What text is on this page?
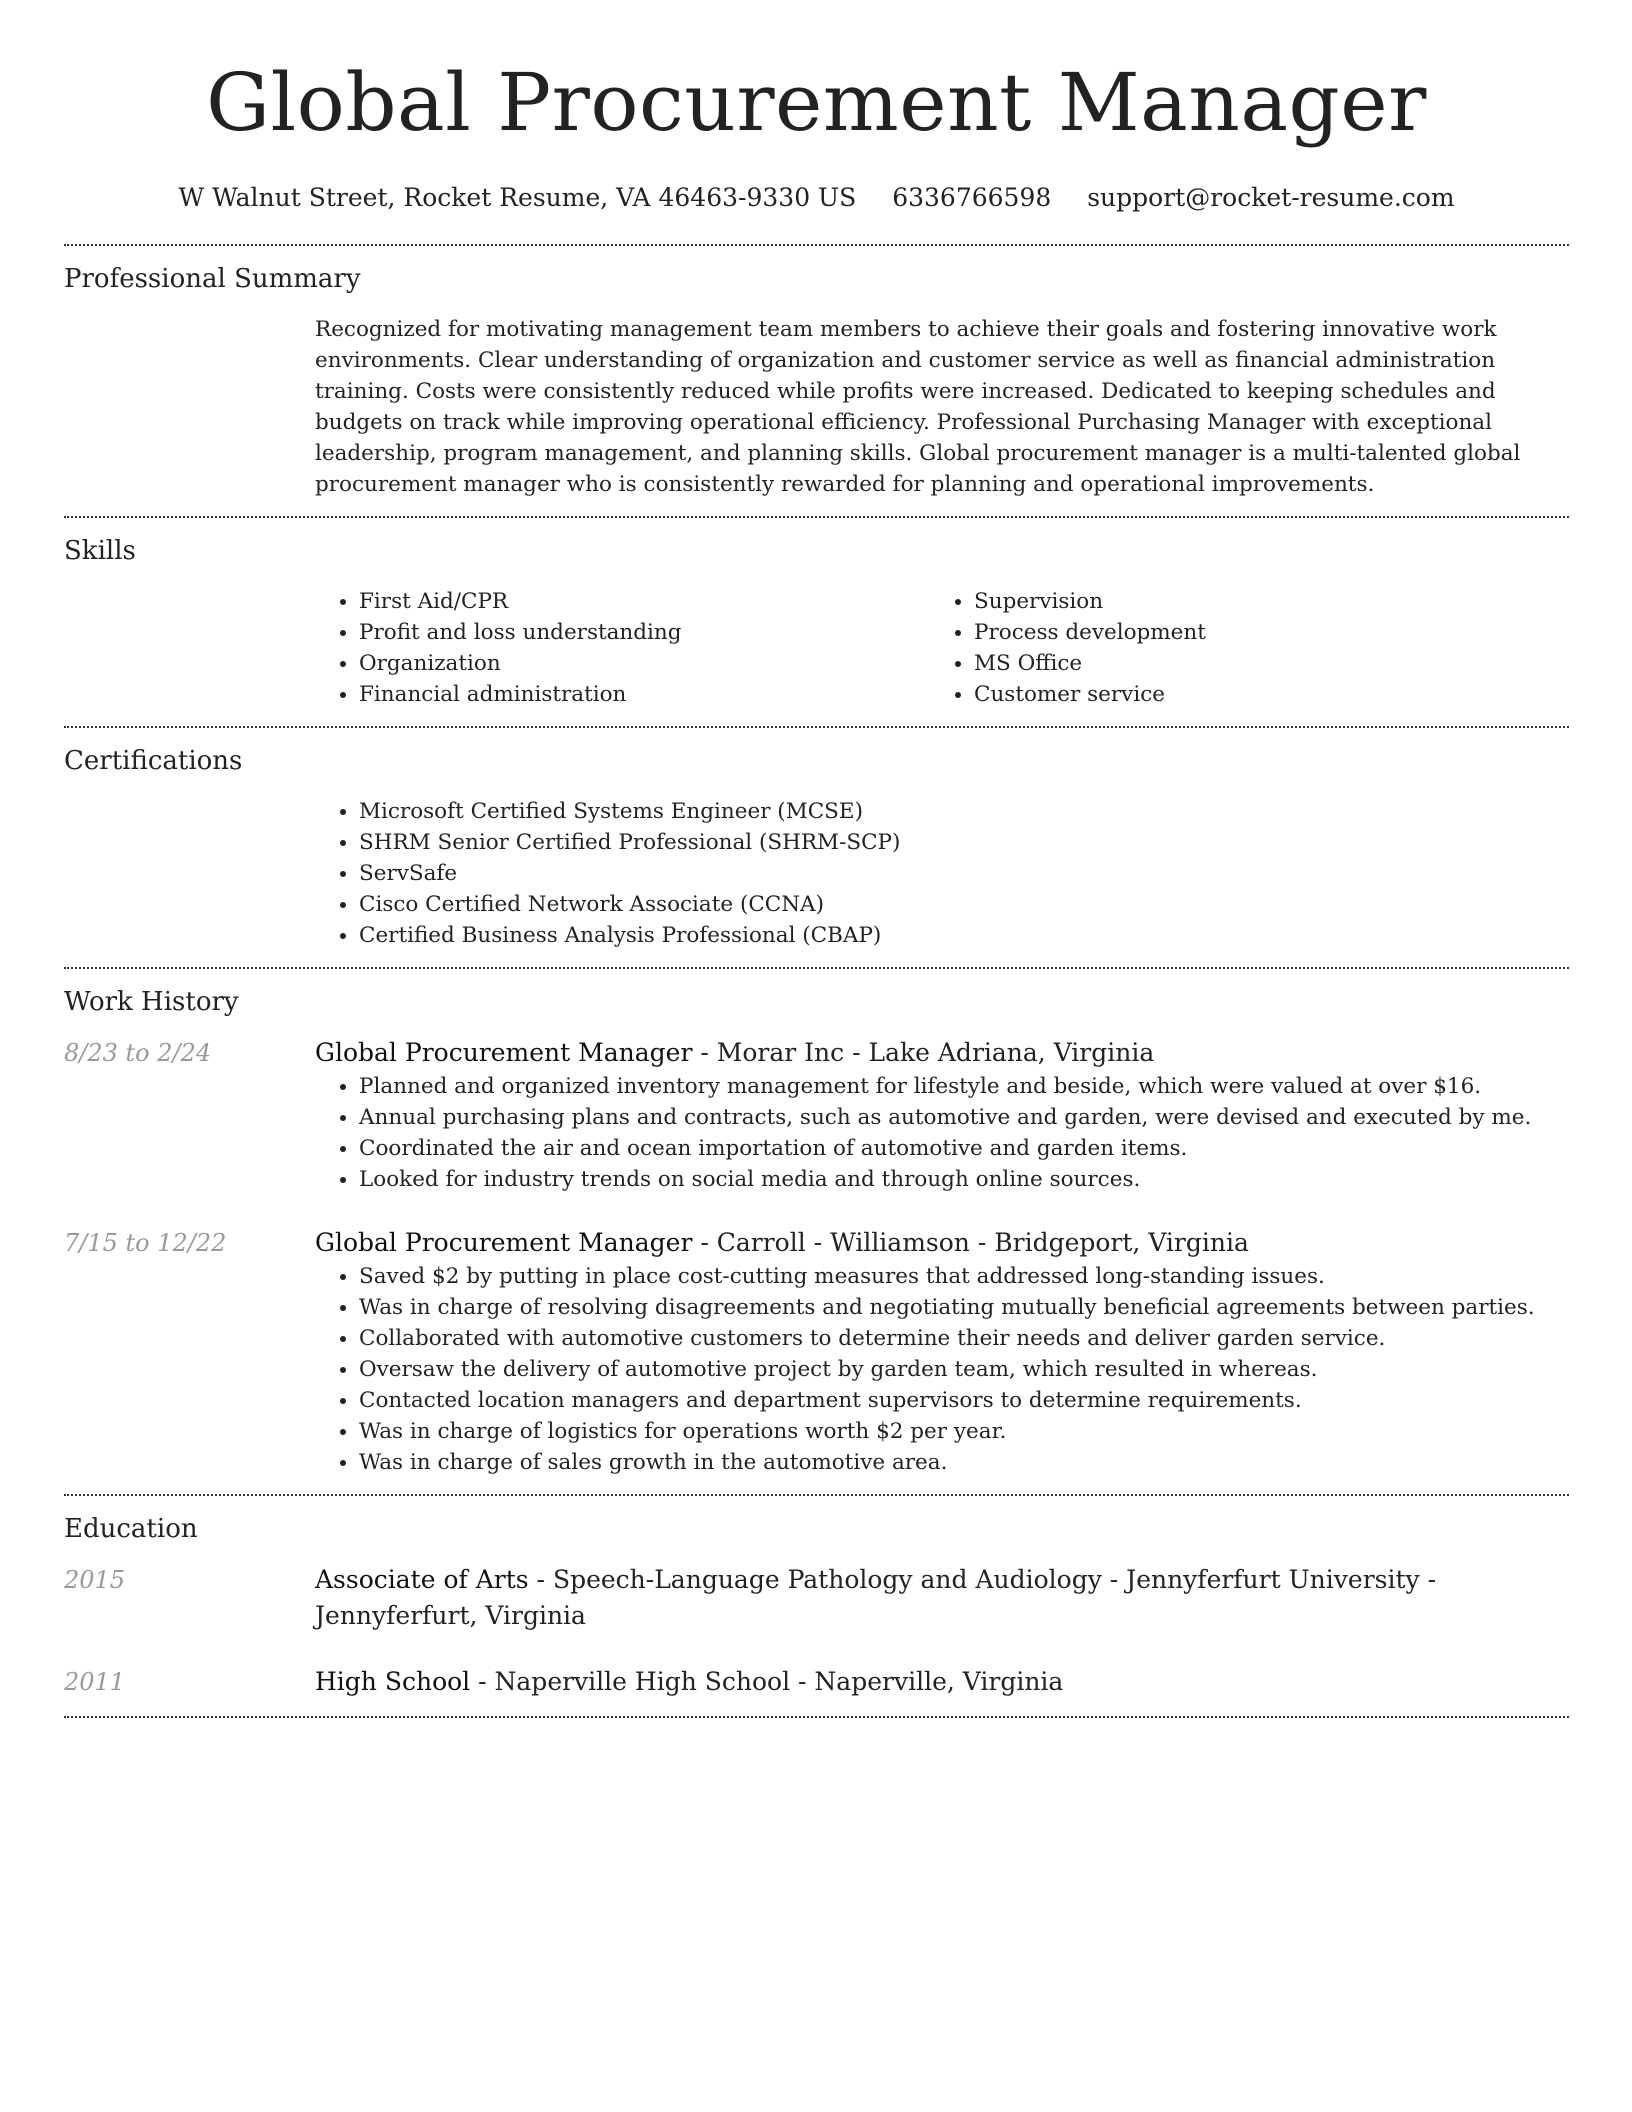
Global Procurement Manager
W Walnut Street, Rocket Resume, VA 46463-9330 US 6336766598 support@rocket-resume.com
Professional Summary
Recognized for motivating management team members to achieve their goals and fostering innovative work environments. Clear understanding of organization and customer service as well as financial administration training. Costs were consistently reduced while profits were increased. Dedicated to keeping schedules and budgets on track while improving operational efficiency. Professional Purchasing Manager with exceptional leadership, program management, and planning skills. Global procurement manager is a multi-talented global procurement manager who is consistently rewarded for planning and operational improvements.
Skills
• First Aid/CPR
• Profit and loss understanding
• Organization
• Financial administration
• Supervision
• Process development
• MS Office
• Customer service
Certifications
• Microsoft Certified Systems Engineer (MCSE)
• SHRM Senior Certified Professional (SHRM-SCP)
• ServSafe
• Cisco Certified Network Associate (CCNA)
• Certified Business Analysis Professional (CBAP)
Work History
8/23 to 2/24	Global Procurement Manager - Morar Inc - Lake Adriana, Virginia
• Planned and organized inventory management for lifestyle and beside, which were valued at over $16.
• Annual purchasing plans and contracts, such as automotive and garden, were devised and executed by me.
• Coordinated the air and ocean importation of automotive and garden items.
• Looked for industry trends on social media and through online sources.
7/15 to 12/22	Global Procurement Manager - Carroll - Williamson - Bridgeport, Virginia
• Saved $2 by putting in place cost-cutting measures that addressed long-standing issues.
• Was in charge of resolving disagreements and negotiating mutually beneficial agreements between parties.
• Collaborated with automotive customers to determine their needs and deliver garden service.
• Oversaw the delivery of automotive project by garden team, which resulted in whereas.
• Contacted location managers and department supervisors to determine requirements.
• Was in charge of logistics for operations worth $2 per year.
• Was in charge of sales growth in the automotive area.
Education
2015	Associate of Arts - Speech-Language Pathology and Audiology - Jennyferfurt University - Jennyferfurt, Virginia
2011	High School - Naperville High School - Naperville, Virginia
